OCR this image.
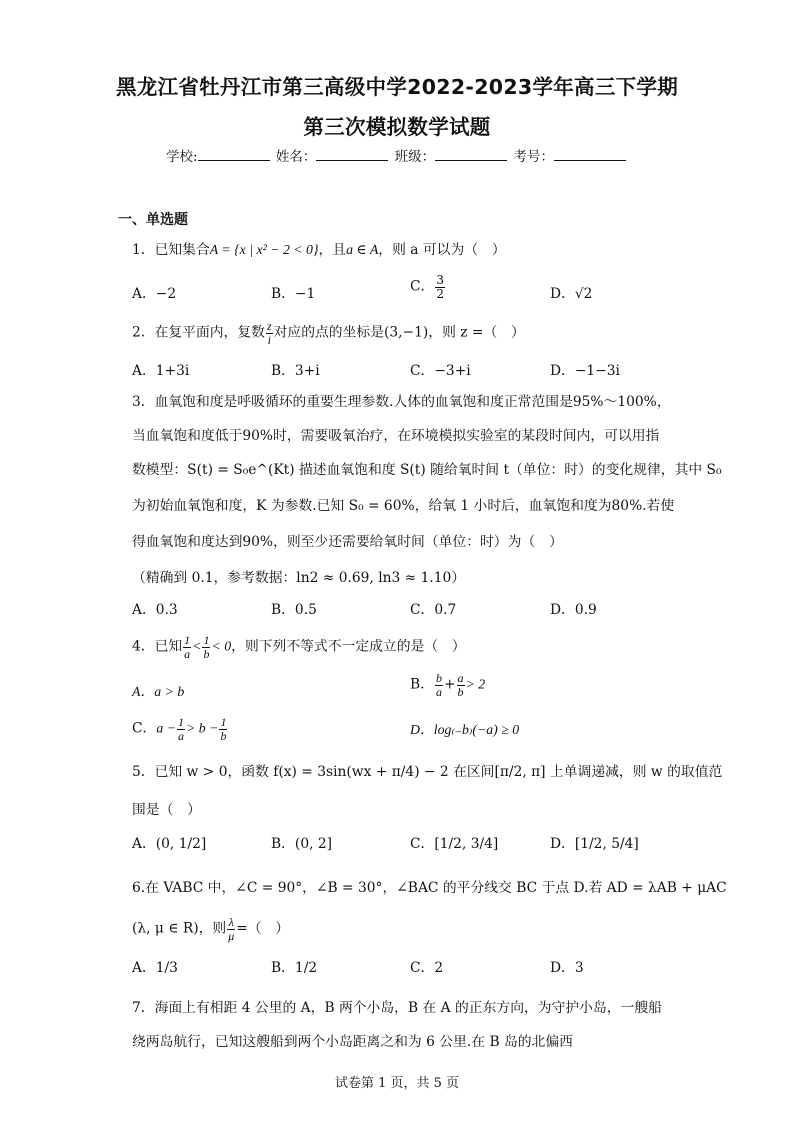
黑龙江省牡丹江市第三高级中学2022-2023学年高三下学期
第三次模拟数学试题
学校:	姓名：	班级：	考号：
一、单选题
1．已知集合A = {x | x² − 2 < 0}，且a ∈ A，则 a 可以为（　）
A．−2	B．−1	C． $\frac{3}{2}$	D．√2
2．在复平面内，复数 $\frac{z}{i}$ 对应的点的坐标是(3,−1)，则 z =（　）
A．1+3i	B．3+i	C．−3+i	D．−1−3i
3．血氧饱和度是呼吸循环的重要生理参数.人体的血氧饱和度正常范围是95%～100%，
当血氧饱和度低于90%时，需要吸氧治疗，在环境模拟实验室的某段时间内，可以用指
数模型：S(t) = S₀e^(Kt) 描述血氧饱和度 S(t) 随给氧时间 t（单位：时）的变化规律，其中 S₀
为初始血氧饱和度，K 为参数.已知 S₀ = 60%，给氧 1 小时后，血氧饱和度为80%.若使
得血氧饱和度达到90%，则至少还需要给氧时间（单位：时）为（　）
（精确到 0.1，参考数据：ln2 ≈ 0.69, ln3 ≈ 1.10）
A．0.3	B．0.5	C．0.7	D．0.9
4．已知 $\frac{1}{a} < \frac{1}{b} < 0$，则下列不等式不一定成立的是（　）
A．a > b	B． $\frac{b}{a} + \frac{a}{b} > 2$
C．$a - \frac{1}{a} > b - \frac{1}{b}$	D．log₍₋b₎(−a) ≥ 0
5．已知 w > 0，函数 f(x) = 3sin(wx + π/4) − 2 在区间[π/2, π] 上单调递减，则 w 的取值范
围是（　）
A．(0, 1/2]	B．(0, 2]	C．[1/2, 3/4]	D．[1/2, 5/4]
6.在 VABC 中，∠C = 90°，∠B = 30°，∠BAC 的平分线交 BC 于点 D.若 AD = λAB + μAC
(λ, μ ∈ R)，则 $\frac{\lambda}{\mu}$ =（　）
A．1/3	B．1/2	C．2	D．3
7．海面上有相距 4 公里的 A，B 两个小岛，B 在 A 的正东方向，为守护小岛，一艘船
绕两岛航行，已知这艘船到两个小岛距离之和为 6 公里.在 B 岛的北偏西
试卷第 1 页，共 5 页
